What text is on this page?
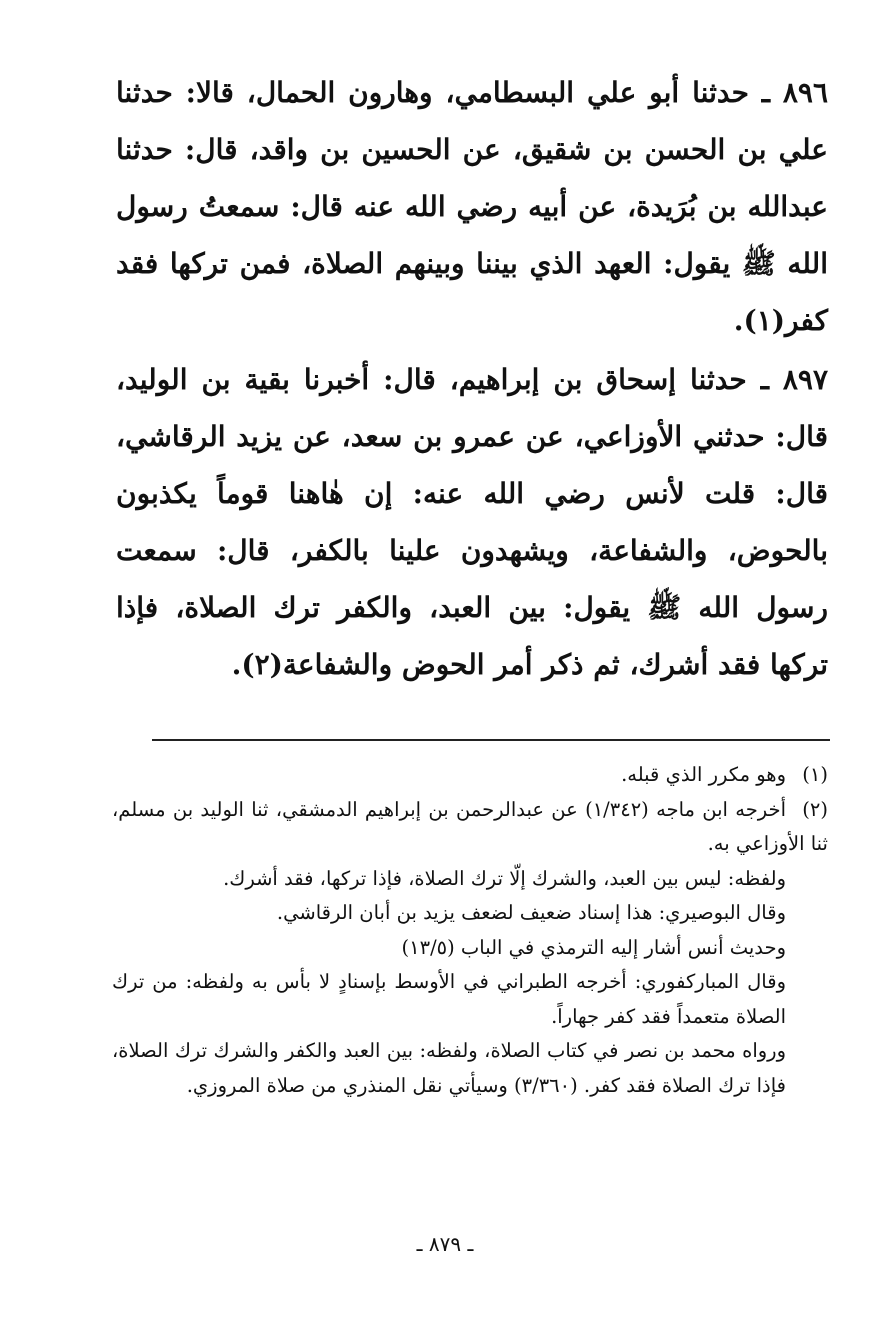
٨٩٦ ـ حدثنا أبو علي البسطامي، وهارون الحمال، قالا: حدثنا علي بن الحسن بن شقيق، عن الحسين بن واقد، قال: حدثنا عبدالله بن بُرَيدة، عن أبيه رضي الله عنه قال: سمعتُ رسول الله ﷺ يقول: العهد الذي بيننا وبينهم الصلاة، فمن تركها فقد كفر(١).
٨٩٧ ـ حدثنا إسحاق بن إبراهيم، قال: أخبرنا بقية بن الوليد، قال: حدثني الأوزاعي، عن عمرو بن سعد، عن يزيد الرقاشي، قال: قلت لأنس رضي الله عنه: إن هٰاهنا قوماً يكذبون بالحوض، والشفاعة، ويشهدون علينا بالكفر، قال: سمعت رسول الله ﷺ يقول: بين العبد، والكفر ترك الصلاة، فإذا تركها فقد أشرك، ثم ذكر أمر الحوض والشفاعة(٢).

(١)وهو مكرر الذي قبله.

(٢)أخرجه ابن ماجه (١/٣٤٢) عن عبدالرحمن بن إبراهيم الدمشقي، ثنا الوليد بن مسلم، ثنا الأوزاعي به.

ولفظه: ليس بين العبد، والشرك إلّا ترك الصلاة، فإذا تركها، فقد أشرك.

وقال البوصيري: هذا إسناد ضعيف لضعف يزيد بن أبان الرقاشي.

وحديث أنس أشار إليه الترمذي في الباب (١٣/٥)

وقال المباركفوري: أخرجه الطبراني في الأوسط بإسنادٍ لا بأس به ولفظه: من ترك الصلاة متعمداً فقد كفر جهاراً.

ورواه محمد بن نصر في كتاب الصلاة، ولفظه: بين العبد والكفر والشرك ترك الصلاة، فإذا ترك الصلاة فقد كفر. (٣/٣٦٠) وسيأتي نقل المنذري من صلاة المروزي.

ـ ٨٧٩ ـ
